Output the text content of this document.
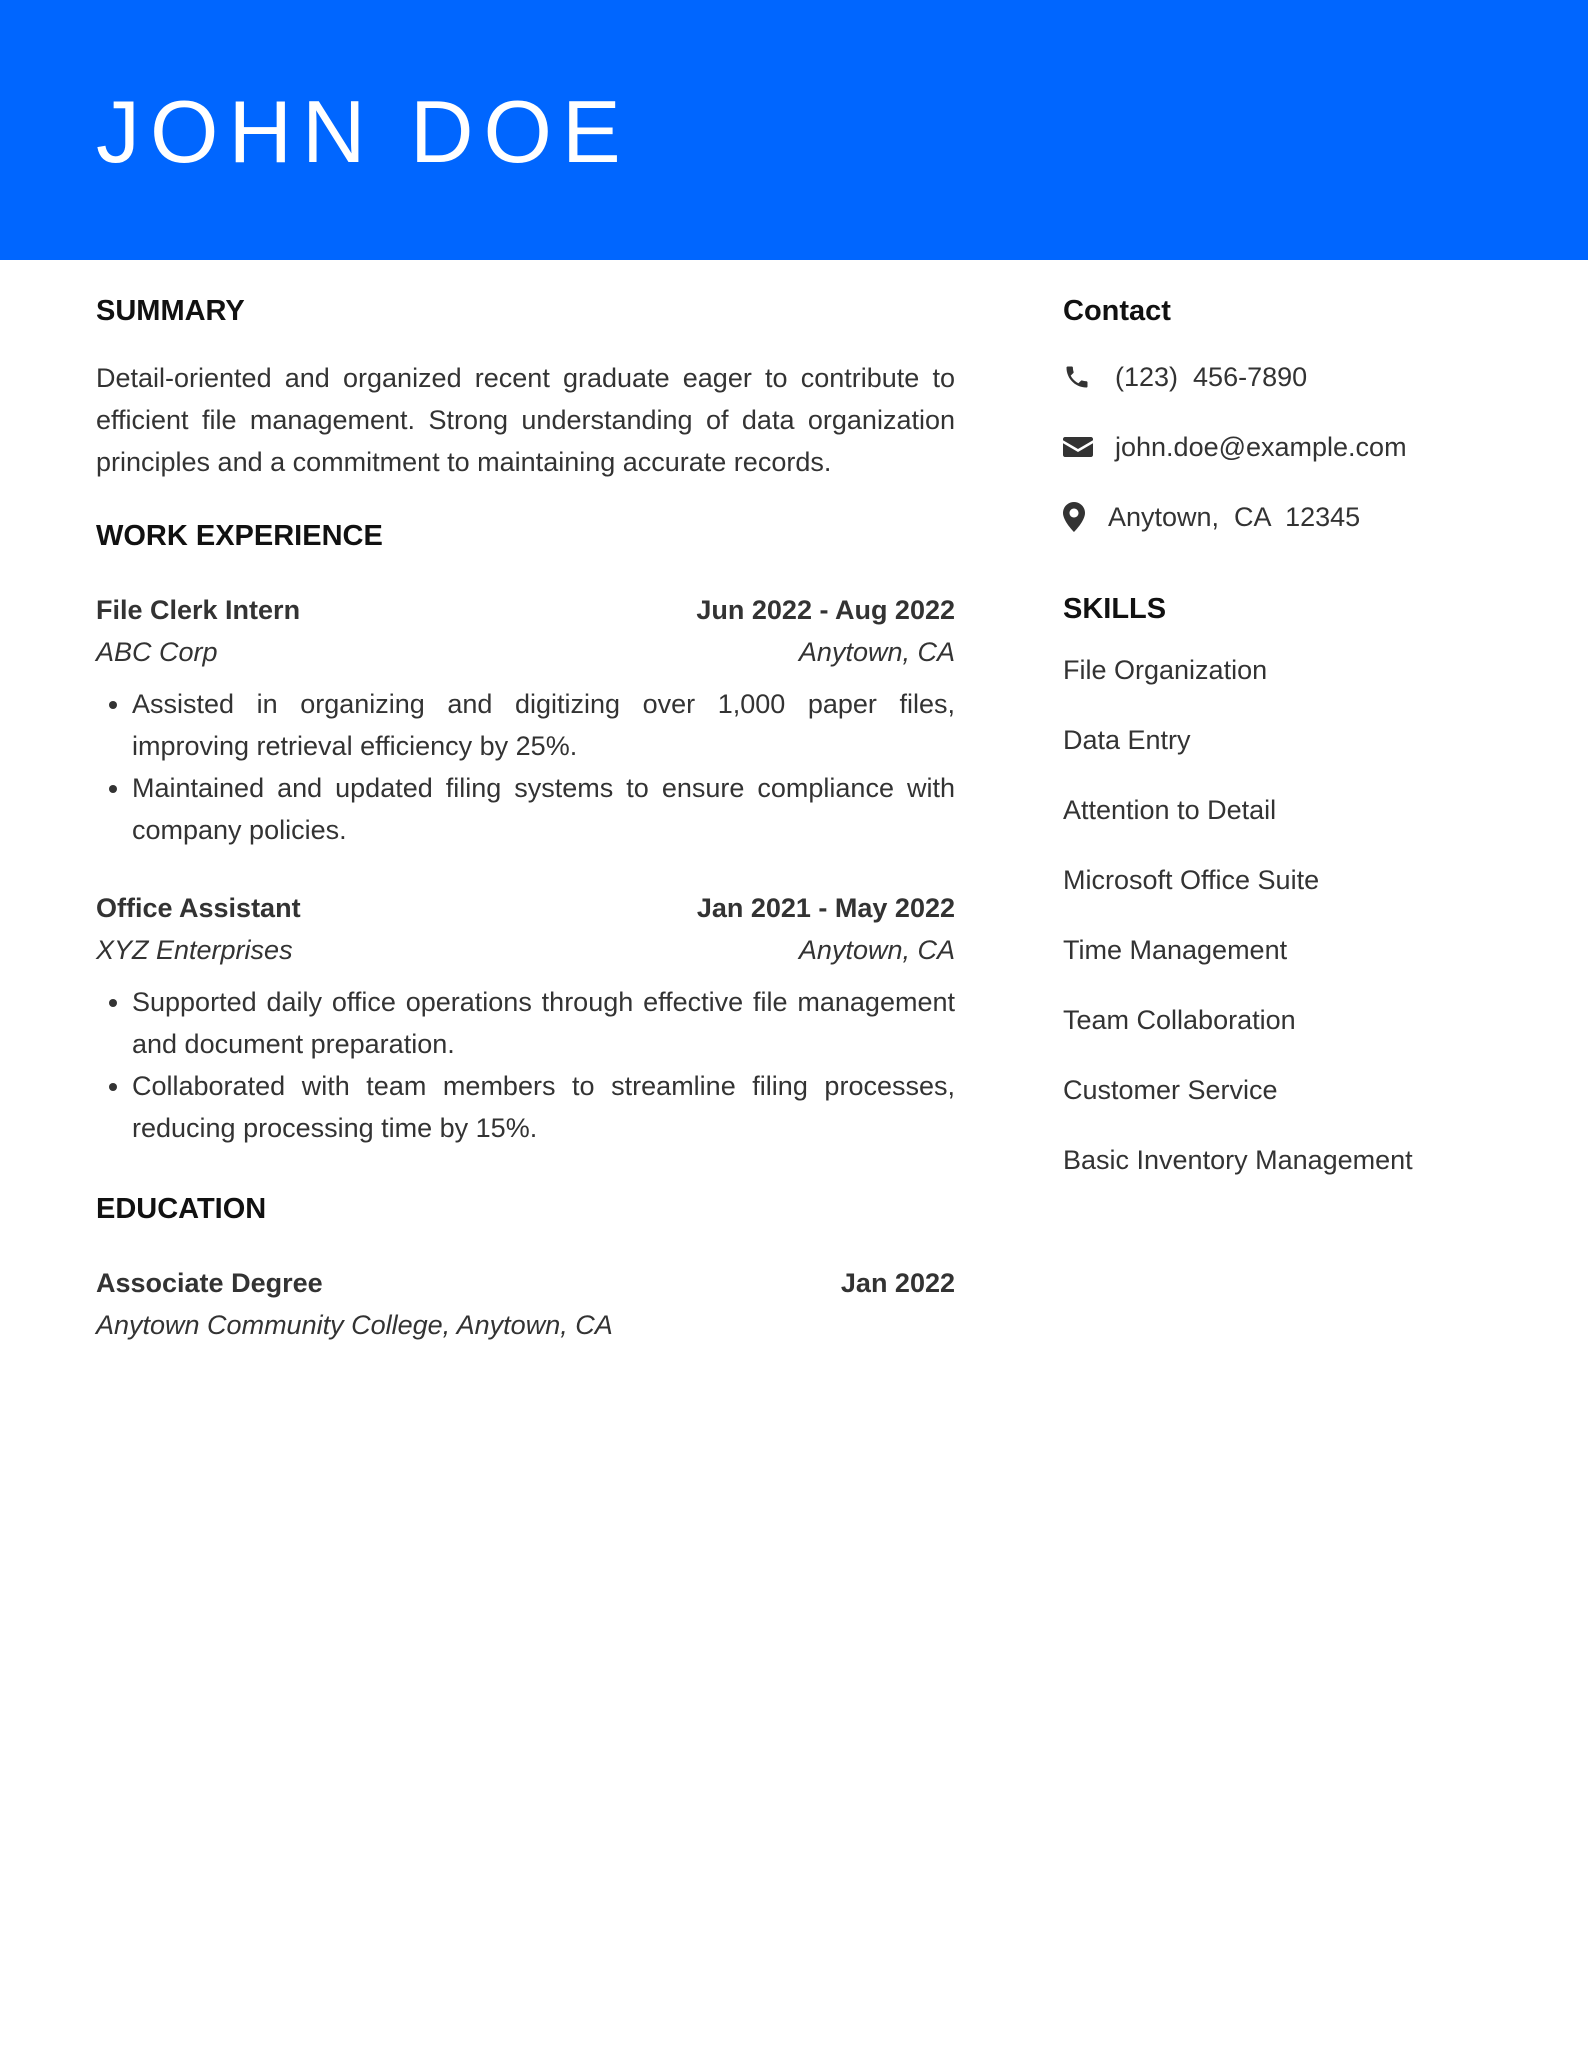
JOHN DOE
SUMMARY

Detail-oriented and organized recent graduate eager to contribute to efficient file management. Strong understanding of data organization principles and a commitment to maintaining accurate records.

WORK EXPERIENCE
File Clerk Intern	Jun 2022 - Aug 2022
ABC Corp	Anytown, CA
• Assisted in organizing and digitizing over 1,000 paper files, improving retrieval efficiency by 25%.
• Maintained and updated filing systems to ensure compliance with company policies.
Office Assistant	Jan 2021 - May 2022
XYZ Enterprises	Anytown, CA
• Supported daily office operations through effective file management and document preparation.
• Collaborated with team members to streamline filing processes, reducing processing time by 15%.
EDUCATION
Associate Degree	Jan 2022
Anytown Community College, Anytown, CA
Contact
(123)  456-7890
john.doe@example.com
Anytown,  CA  12345
SKILLS
File Organization
Data Entry
Attention to Detail
Microsoft Office Suite
Time Management
Team Collaboration
Customer Service
Basic Inventory Management
